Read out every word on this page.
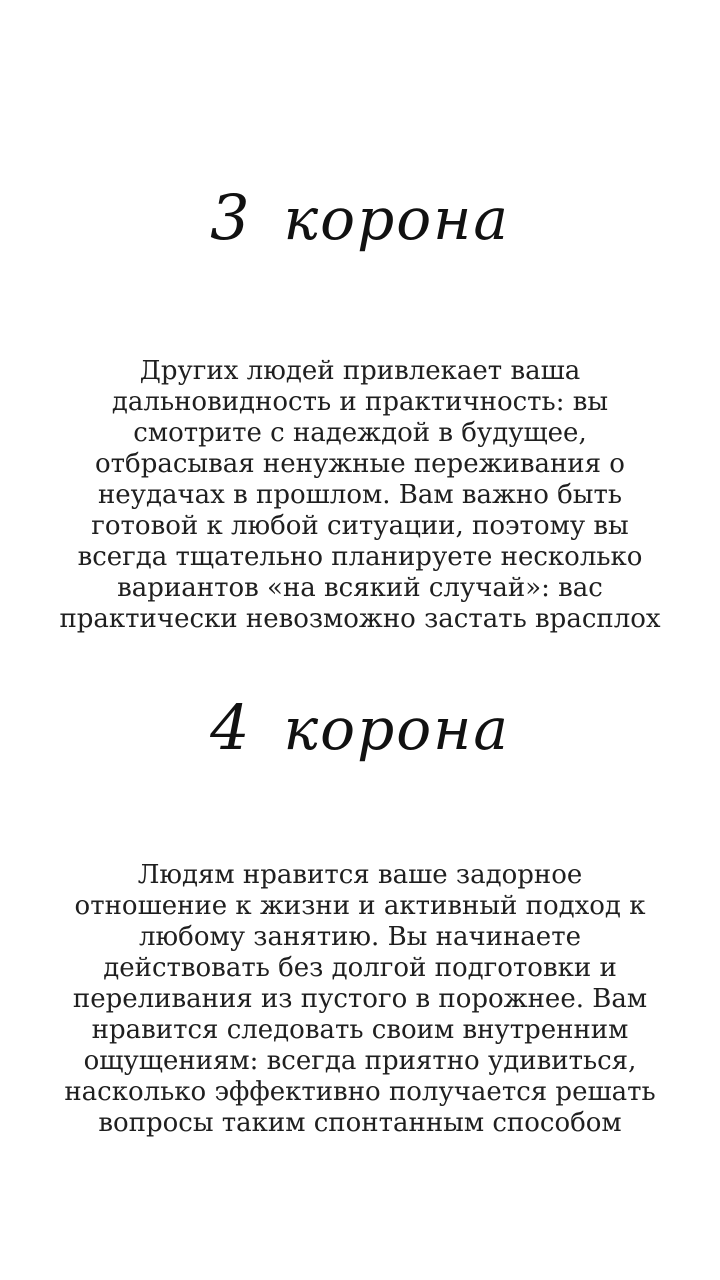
3 корона
Других людей привлекает ваша
дальновидность и практичность: вы
смотрите с надеждой в будущее,
отбрасывая ненужные переживания о
неудачах в прошлом. Вам важно быть
готовой к любой ситуации, поэтому вы
всегда тщательно планируете несколько
вариантов «на всякий случай»: вас
практически невозможно застать врасплох
4 корона
Людям нравится ваше задорное
отношение к жизни и активный подход к
любому занятию. Вы начинаете
действовать без долгой подготовки и
переливания из пустого в порожнее. Вам
нравится следовать своим внутренним
ощущениям: всегда приятно удивиться,
насколько эффективно получается решать
вопросы таким спонтанным способом
